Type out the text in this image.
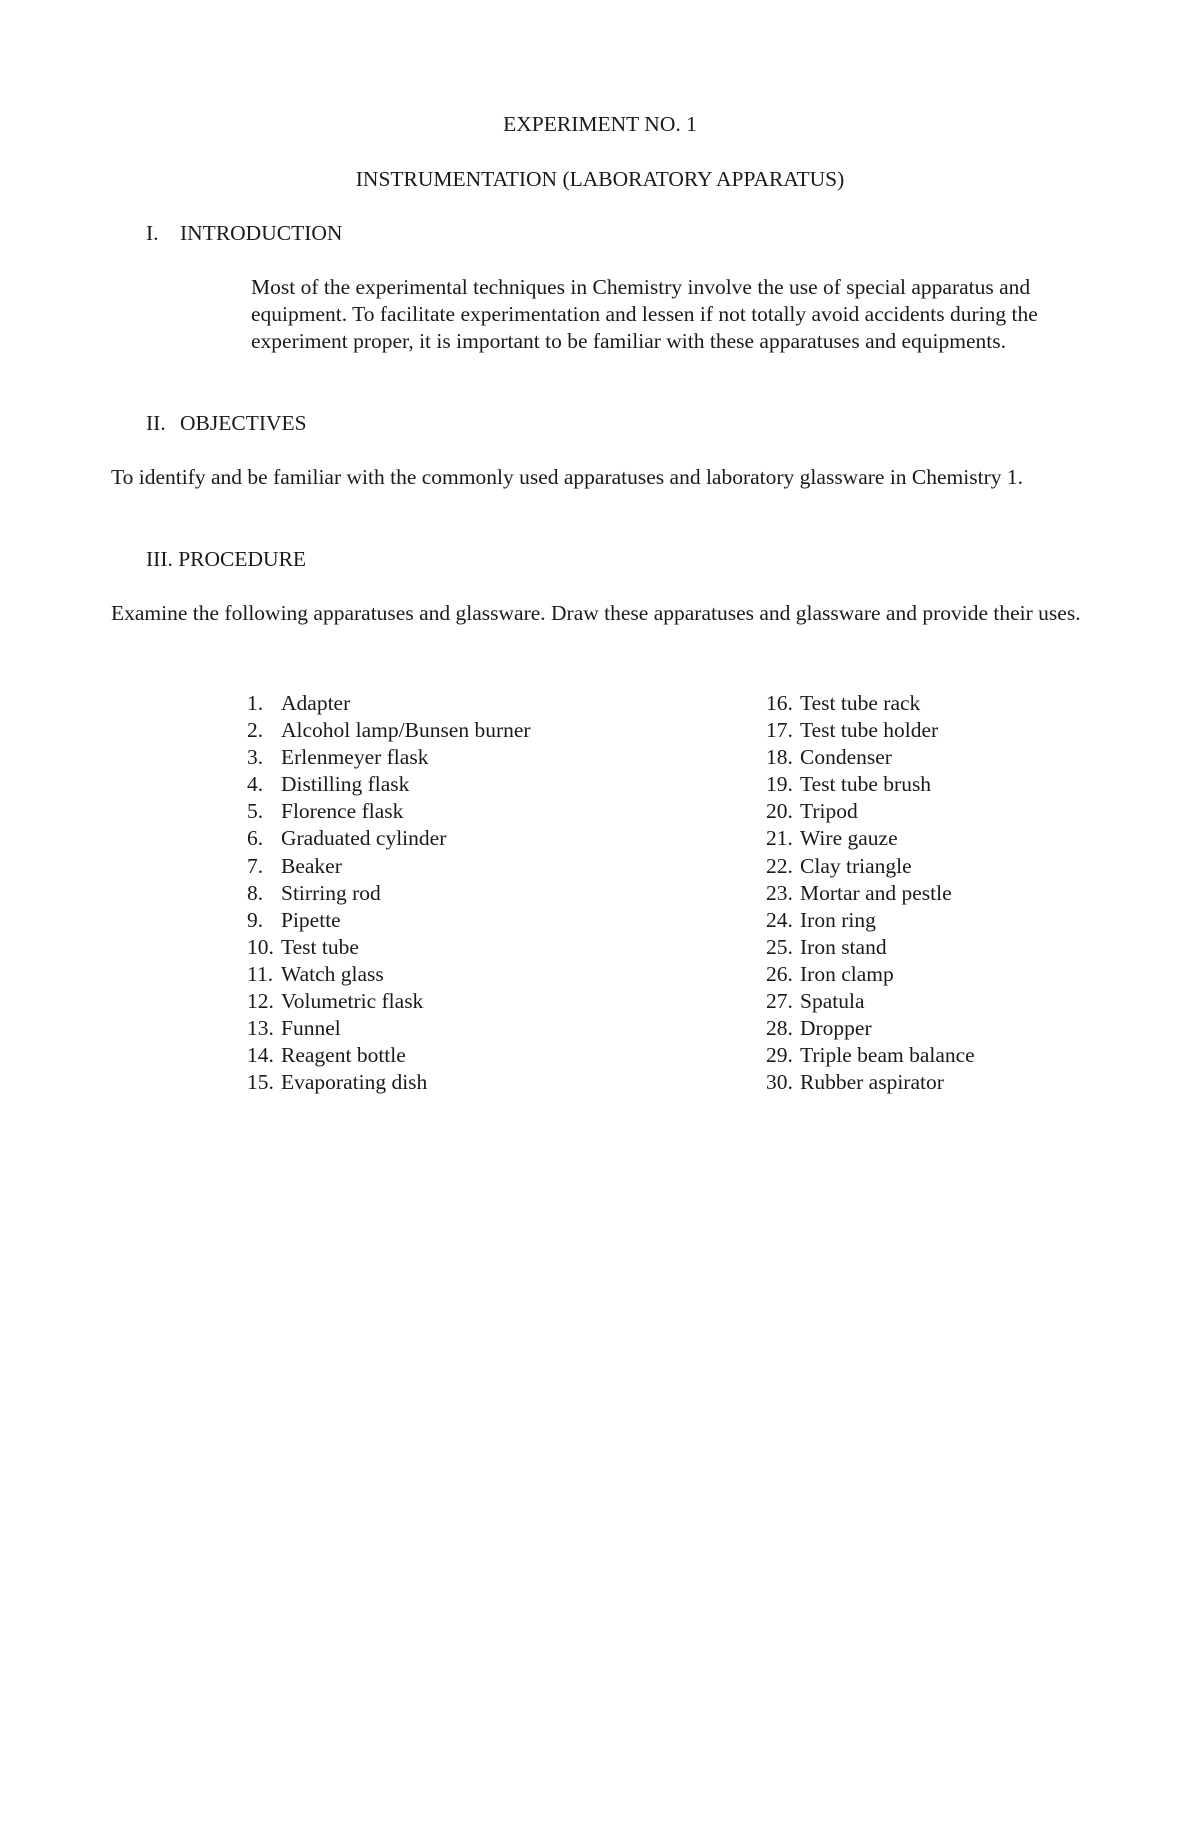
EXPERIMENT NO. 1
INSTRUMENTATION (LABORATORY APPARATUS)
I. INTRODUCTION
Most of the experimental techniques in Chemistry involve the use of special apparatus and equipment. To facilitate experimentation and lessen if not totally avoid accidents during the experiment proper, it is important to be familiar with these apparatuses and equipments.
II. OBJECTIVES
To identify and be familiar with the commonly used apparatuses and laboratory glassware in Chemistry 1.
III. PROCEDURE
Examine the following apparatuses and glassware. Draw these apparatuses and glassware and provide their uses.
1. Adapter
2. Alcohol lamp/Bunsen burner
3. Erlenmeyer flask
4. Distilling flask
5. Florence flask
6. Graduated cylinder
7. Beaker
8. Stirring rod
9. Pipette
10. Test tube
11. Watch glass
12. Volumetric flask
13. Funnel
14. Reagent bottle
15. Evaporating dish
16. Test tube rack
17. Test tube holder
18. Condenser
19. Test tube brush
20. Tripod
21. Wire gauze
22. Clay triangle
23. Mortar and pestle
24. Iron ring
25. Iron stand
26. Iron clamp
27. Spatula
28. Dropper
29. Triple beam balance
30. Rubber aspirator
